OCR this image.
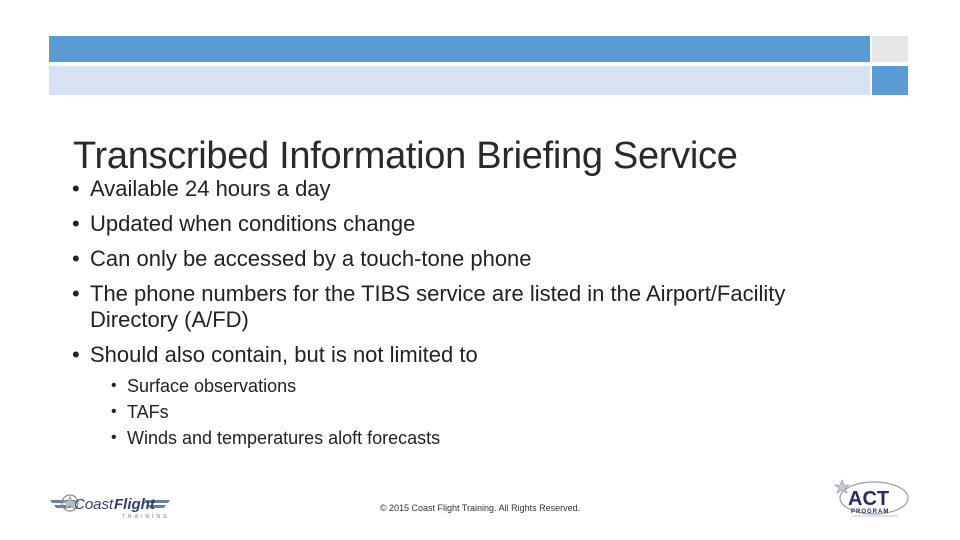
Transcribed Information Briefing Service
• Available 24 hours a day
• Updated when conditions change
• Can only be accessed by a touch-tone phone
• The phone numbers for the TIBS service are listed in the Airport/Facility Directory (A/FD)
• Should also contain, but is not limited to
• Surface observations
• TAFs
• Winds and temperatures aloft forecasts
Coast Flight
TRAINING
© 2015 Coast Flight Training. All Rights Reserved.	ACT
PROGRAM
